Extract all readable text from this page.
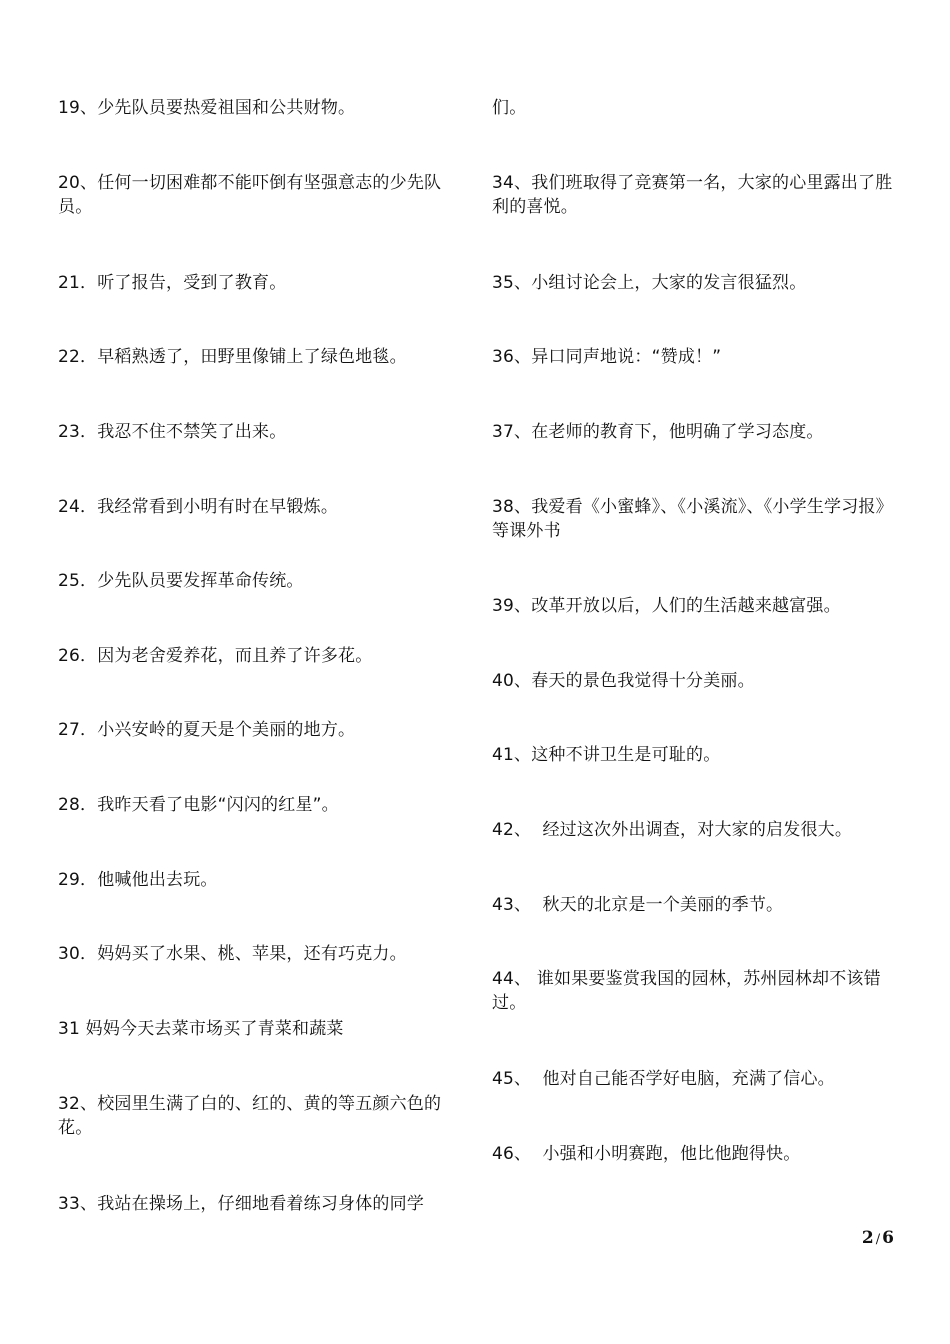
19、少先队员要热爱祖国和公共财物。
20、任何一切困难都不能吓倒有坚强意志的少先队员。
21．听了报告，受到了教育。
22．早稻熟透了，田野里像铺上了绿色地毯。
23．我忍不住不禁笑了出来。
24．我经常看到小明有时在早锻炼。
25．少先队员要发挥革命传统。
26．因为老舍爱养花，而且养了许多花。
27．小兴安岭的夏天是个美丽的地方。
28．我昨天看了电影“闪闪的红星”。
29．他喊他出去玩。
30．妈妈买了水果、桃、苹果，还有巧克力。
31 妈妈今天去菜市场买了青菜和蔬菜
32、校园里生满了白的、红的、黄的等五颜六色的花。
33、我站在操场上，仔细地看着练习身体的同学
们。
34、我们班取得了竞赛第一名，大家的心里露出了胜利的喜悦。
35、小组讨论会上，大家的发言很猛烈。
36、异口同声地说：“赞成！”
37、在老师的教育下，他明确了学习态度。
38、我爱看《小蜜蜂》、《小溪流》、《小学生学习报》等课外书
39、改革开放以后，人们的生活越来越富强。
40、春天的景色我觉得十分美丽。
41、这种不讲卫生是可耻的。
42、  经过这次外出调查，对大家的启发很大。
43、  秋天的北京是一个美丽的季节。
44、 谁如果要鉴赏我国的园林，苏州园林却不该错过。
45、  他对自己能否学好电脑，充满了信心。
46、  小强和小明赛跑，他比他跑得快。
2 / 6
